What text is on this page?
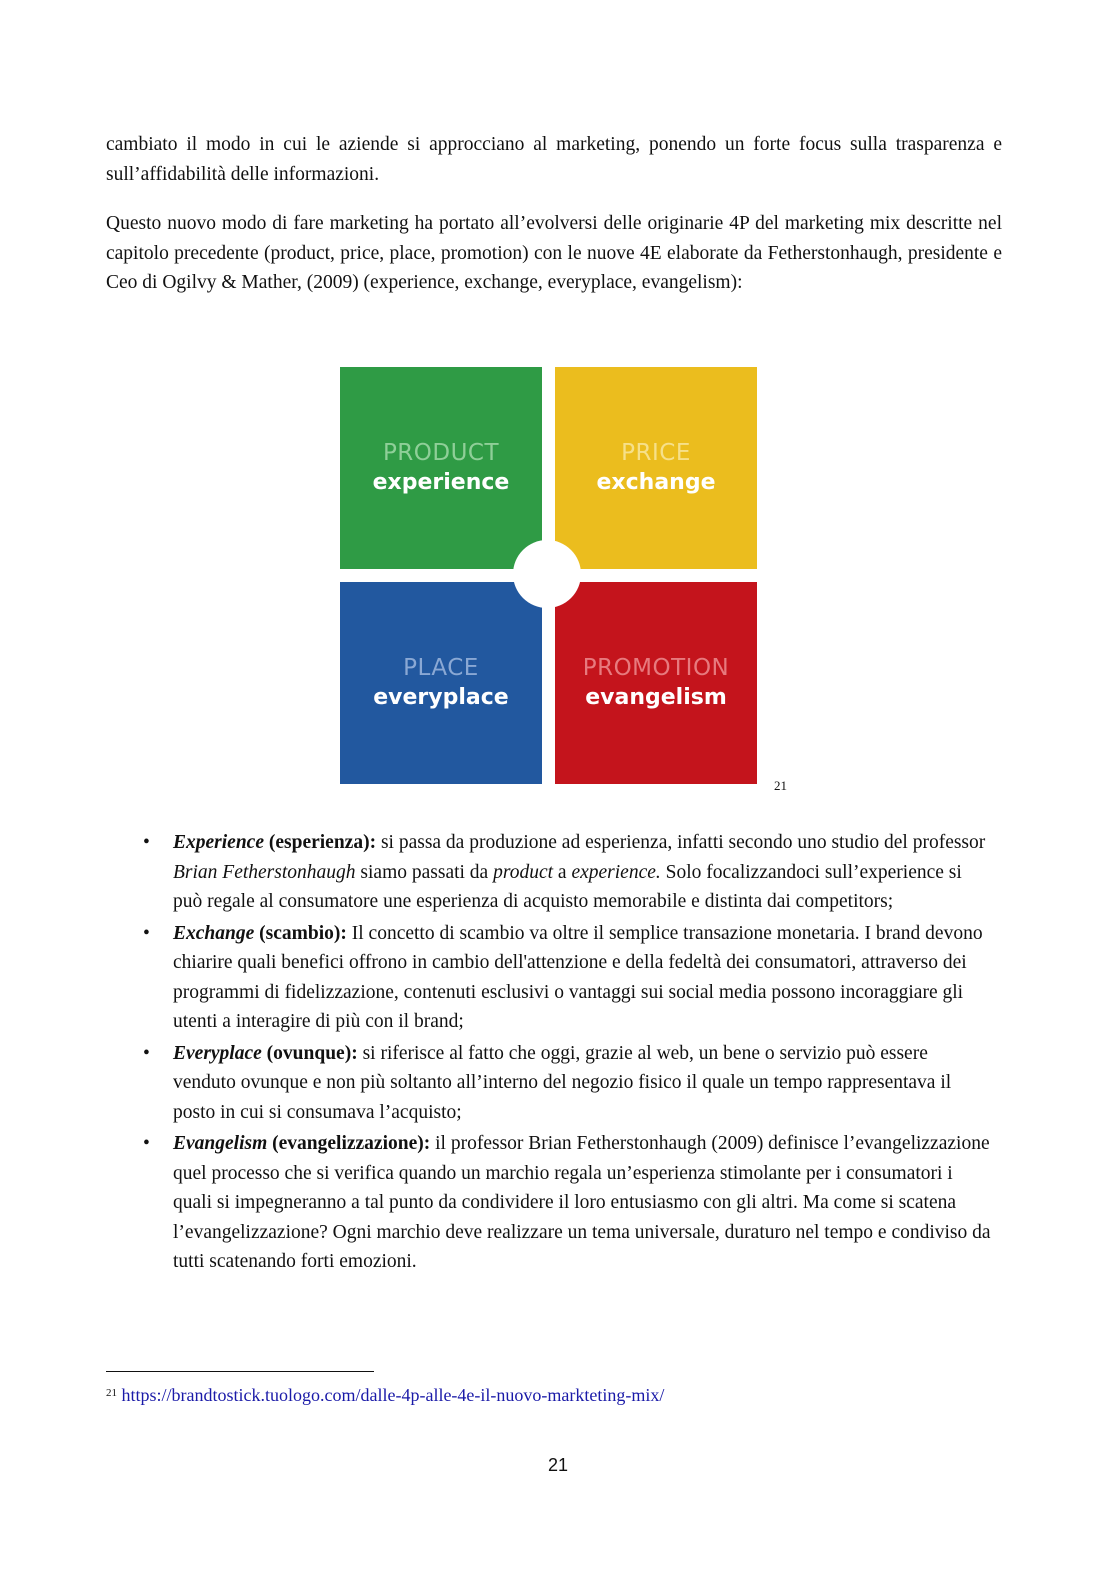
cambiato il modo in cui le aziende si approcciano al marketing, ponendo un forte focus sulla trasparenza e sull’affidabilità delle informazioni.

Questo nuovo modo di fare marketing ha portato all’evolversi delle originarie 4P del marketing mix descritte nel capitolo precedente (product, price, place, promotion) con le nuove 4E elaborate da Fetherstonhaugh, presidente e Ceo di Ogilvy & Mather, (2009) (experience, exchange, everyplace, evangelism):

PRODUCT
experience
PRICE
exchange
PLACE
everyplace
PROMOTION
evangelism
21
• Experience (esperienza): si passa da produzione ad esperienza, infatti secondo uno studio del professor Brian Fetherstonhaugh siamo passati da product a experience. Solo focalizzandoci sull’experience si può regale al consumatore une esperienza di acquisto memorabile e distinta dai competitors;
• Exchange (scambio): Il concetto di scambio va oltre il semplice transazione monetaria. I brand devono chiarire quali benefici offrono in cambio dell'attenzione e della fedeltà dei consumatori, attraverso dei programmi di fidelizzazione, contenuti esclusivi o vantaggi sui social media possono incoraggiare gli utenti a interagire di più con il brand;
• Everyplace (ovunque): si riferisce al fatto che oggi, grazie al web, un bene o servizio può essere venduto ovunque e non più soltanto all’interno del negozio fisico il quale un tempo rappresentava il posto in cui si consumava l’acquisto;
• Evangelism (evangelizzazione): il professor Brian Fetherstonhaugh (2009) definisce l’evangelizzazione quel processo che si verifica quando un marchio regala un’esperienza stimolante per i consumatori i quali si impegneranno a tal punto da condividere il loro entusiasmo con gli altri. Ma come si scatena l’evangelizzazione? Ogni marchio deve realizzare un tema universale, duraturo nel tempo e condiviso da tutti scatenando forti emozioni.
$^{21}$ https://brandtostick.tuologo.com/dalle-4p-alle-4e-il-nuovo-markteting-mix/
21
